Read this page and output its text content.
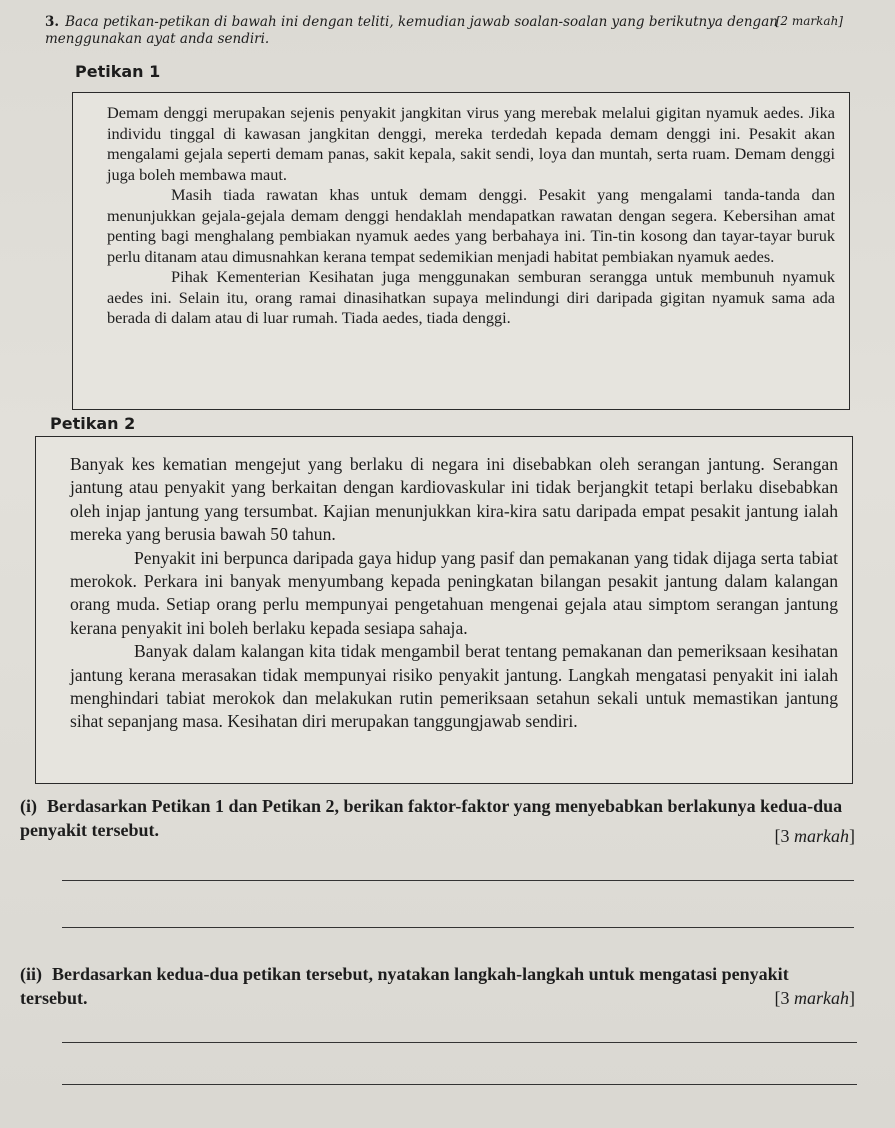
3. Baca petikan-petikan di bawah ini dengan teliti, kemudian jawab soalan-soalan yang berikutnya dengan menggunakan ayat anda sendiri.
[2 markah]
Petikan 1

Demam denggi merupakan sejenis penyakit jangkitan virus yang merebak melalui gigitan nyamuk aedes. Jika individu tinggal di kawasan jangkitan denggi, mereka terdedah kepada demam denggi ini. Pesakit akan mengalami gejala seperti demam panas, sakit kepala, sakit sendi, loya dan muntah, serta ruam. Demam denggi juga boleh membawa maut.

Masih tiada rawatan khas untuk demam denggi. Pesakit yang mengalami tanda-tanda dan menunjukkan gejala-gejala demam denggi hendaklah mendapatkan rawatan dengan segera. Kebersihan amat penting bagi menghalang pembiakan nyamuk aedes yang berbahaya ini. Tin-tin kosong dan tayar-tayar buruk perlu ditanam atau dimusnahkan kerana tempat sedemikian menjadi habitat pembiakan nyamuk aedes.

Pihak Kementerian Kesihatan juga menggunakan semburan serangga untuk membunuh nyamuk aedes ini. Selain itu, orang ramai dinasihatkan supaya melindungi diri daripada gigitan nyamuk sama ada berada di dalam atau di luar rumah. Tiada aedes, tiada denggi.

Petikan 2

Banyak kes kematian mengejut yang berlaku di negara ini disebabkan oleh serangan jantung. Serangan jantung atau penyakit yang berkaitan dengan kardiovaskular ini tidak berjangkit tetapi berlaku disebabkan oleh injap jantung yang tersumbat. Kajian menunjukkan kira-kira satu daripada empat pesakit jantung ialah mereka yang berusia bawah 50 tahun.

Penyakit ini berpunca daripada gaya hidup yang pasif dan pemakanan yang tidak dijaga serta tabiat merokok. Perkara ini banyak menyumbang kepada peningkatan bilangan pesakit jantung dalam kalangan orang muda. Setiap orang perlu mempunyai pengetahuan mengenai gejala atau simptom serangan jantung kerana penyakit ini boleh berlaku kepada sesiapa sahaja.

Banyak dalam kalangan kita tidak mengambil berat tentang pemakanan dan pemeriksaan kesihatan jantung kerana merasakan tidak mempunyai risiko penyakit jantung. Langkah mengatasi penyakit ini ialah menghindari tabiat merokok dan melakukan rutin pemeriksaan setahun sekali untuk memastikan jantung sihat sepanjang masa. Kesihatan diri merupakan tanggungjawab sendiri.

(i) Berdasarkan Petikan 1 dan Petikan 2, berikan faktor-faktor yang menyebabkan berlakunya kedua-dua penyakit tersebut.	[3 markah]
(ii) Berdasarkan kedua-dua petikan tersebut, nyatakan langkah-langkah untuk mengatasi penyakit tersebut.	[3 markah]
